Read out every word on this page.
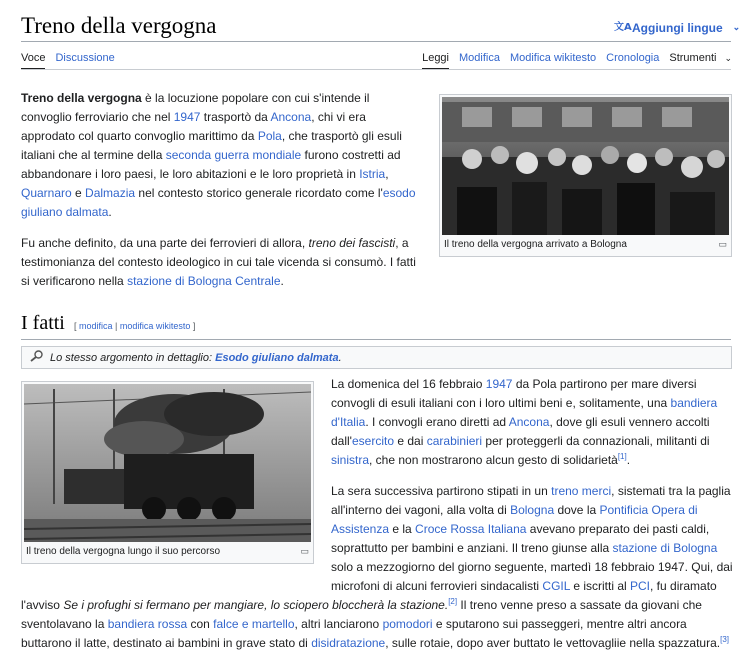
Treno della vergogna	文A Aggiungi lingue ⌄
Voce Discussione	Leggi Modifica Modifica wikitesto Cronologia Strumenti ⌄

Treno della vergogna è la locuzione popolare con cui s'intende il convoglio ferroviario che nel 1947 trasportò da Ancona, chi vi era approdato col quarto convoglio marittimo da Pola, che trasportò gli esuli italiani che al termine della seconda guerra mondiale furono costretti ad abbandonare i loro paesi, le loro abitazioni e le loro proprietà in Istria, Quarnaro e Dalmazia nel contesto storico generale ricordato come l'esodo giuliano dalmata.

Fu anche definito, da una parte dei ferrovieri di allora, treno dei fascisti, a testimonianza del contesto ideologico in cui tale vicenda si consumò. I fatti si verificarono nella stazione di Bologna Centrale.

Il treno della vergogna arrivato a Bologna	▭
I fatti [ modifica | modifica wikitesto ]
Lo stesso argomento in dettaglio: Esodo giuliano dalmata.
Il treno della vergogna lungo il suo percorso	▭

La domenica del 16 febbraio 1947 da Pola partirono per mare diversi convogli di esuli italiani con i loro ultimi beni e, solitamente, una bandiera d'Italia. I convogli erano diretti ad Ancona, dove gli esuli vennero accolti dall'esercito e dai carabinieri per proteggerli da connazionali, militanti di sinistra, che non mostrarono alcun gesto di solidarietà[1].

La sera successiva partirono stipati in un treno merci, sistemati tra la paglia all'interno dei vagoni, alla volta di Bologna dove la Pontificia Opera di Assistenza e la Croce Rossa Italiana avevano preparato dei pasti caldi, soprattutto per bambini e anziani. Il treno giunse alla stazione di Bologna solo a mezzogiorno del giorno seguente, martedì 18 febbraio 1947. Qui, dai microfoni di alcuni ferrovieri sindacalisti CGIL e iscritti al PCI, fu diramato l'avviso Se i profughi si fermano per mangiare, lo sciopero bloccherà la stazione.[2] Il treno venne preso a sassate da giovani che sventolavano la bandiera rossa con falce e martello, altri lanciarono pomodori e sputarono sui passeggeri, mentre altri ancora buttarono il latte, destinato ai bambini in grave stato di disidratazione, sulle rotaie, dopo aver buttato le vettovagliie nella spazzatura.[3]
